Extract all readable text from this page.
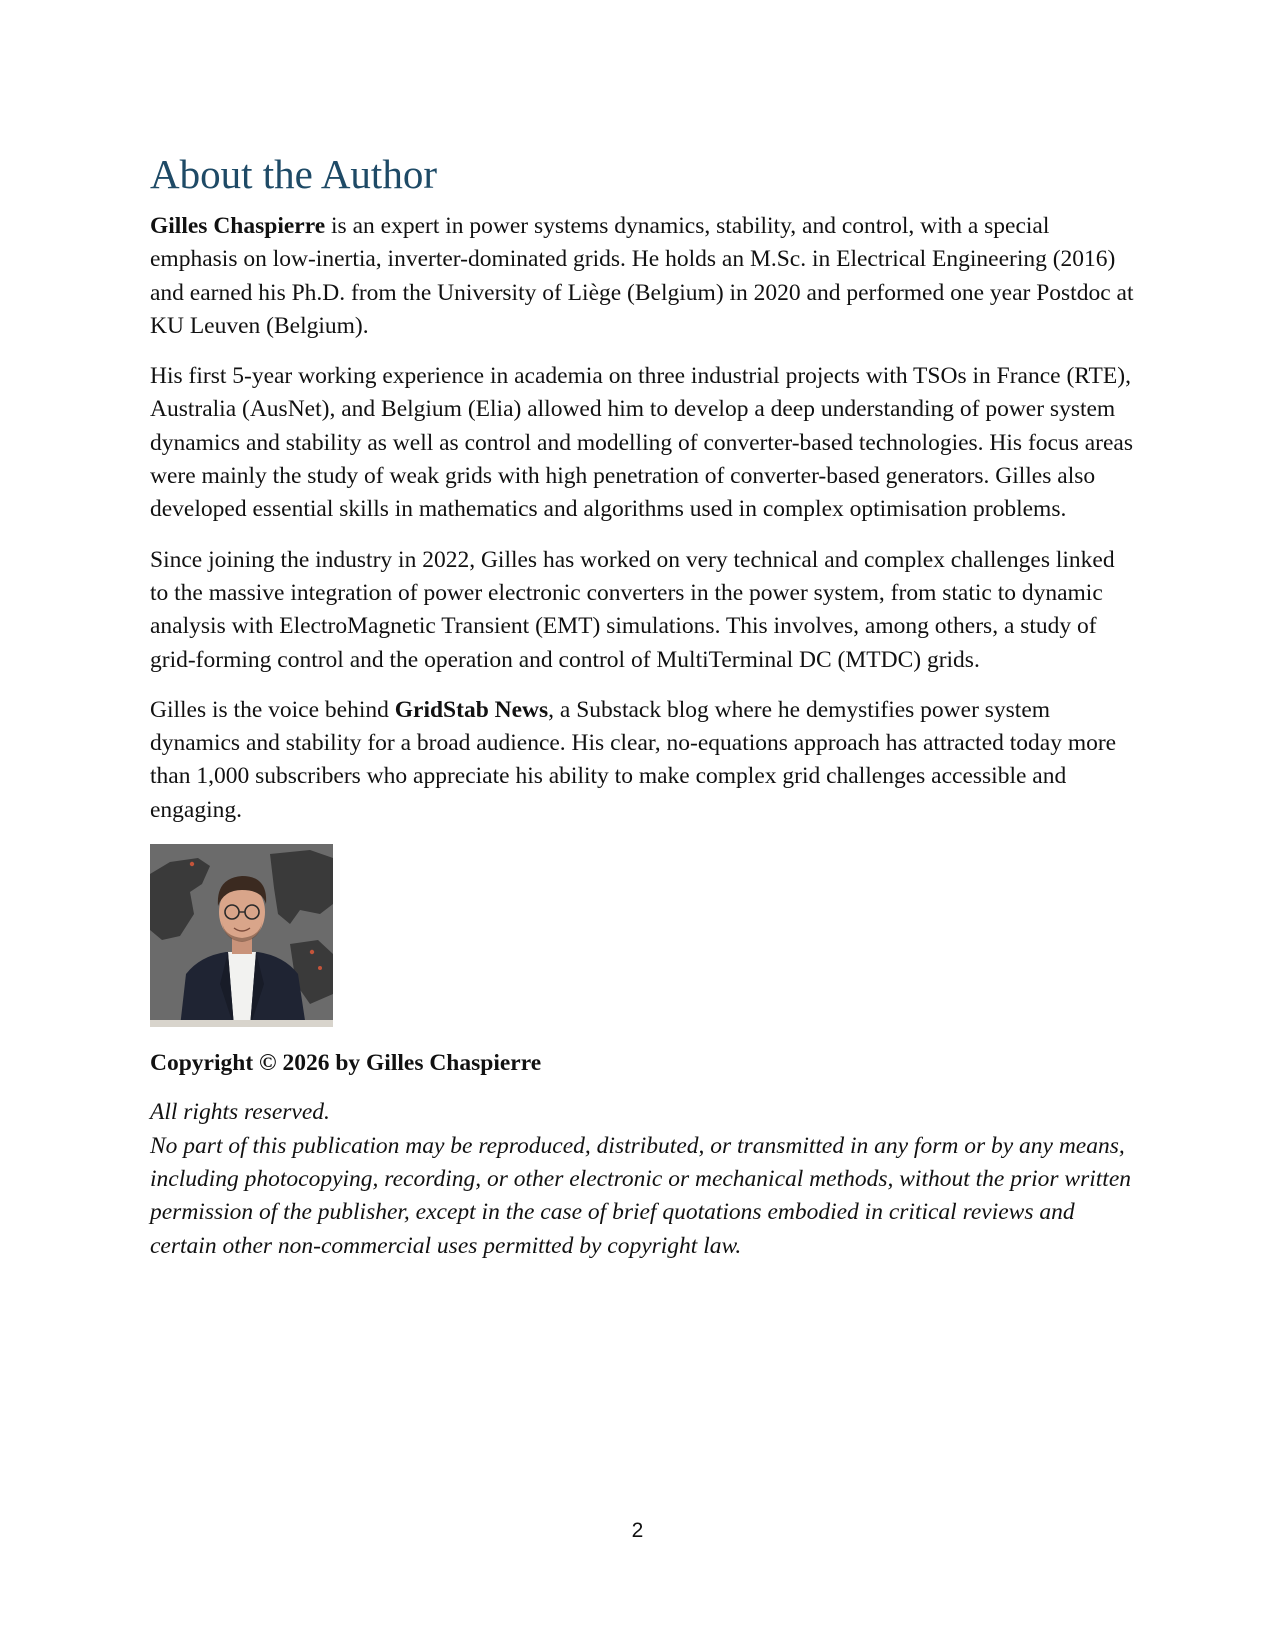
About the Author

Gilles Chaspierre is an expert in power systems dynamics, stability, and control, with a special emphasis on low-inertia, inverter-dominated grids. He holds an M.Sc. in Electrical Engineering (2016) and earned his Ph.D. from the University of Liège (Belgium) in 2020 and performed one year Postdoc at KU Leuven (Belgium).

His first 5-year working experience in academia on three industrial projects with TSOs in France (RTE), Australia (AusNet), and Belgium (Elia) allowed him to develop a deep understanding of power system dynamics and stability as well as control and modelling of converter-based technologies. His focus areas were mainly the study of weak grids with high penetration of converter-based generators. Gilles also developed essential skills in mathematics and algorithms used in complex optimisation problems.

Since joining the industry in 2022, Gilles has worked on very technical and complex challenges linked to the massive integration of power electronic converters in the power system, from static to dynamic analysis with ElectroMagnetic Transient (EMT) simulations. This involves, among others, a study of grid-forming control and the operation and control of MultiTerminal DC (MTDC) grids.

Gilles is the voice behind GridStab News, a Substack blog where he demystifies power system dynamics and stability for a broad audience. His clear, no-equations approach has attracted today more than 1,000 subscribers who appreciate his ability to make complex grid challenges accessible and engaging.

Copyright © 2026 by Gilles Chaspierre

All rights reserved.
No part of this publication may be reproduced, distributed, or transmitted in any form or by any means, including photocopying, recording, or other electronic or mechanical methods, without the prior written permission of the publisher, except in the case of brief quotations embodied in critical reviews and certain other non-commercial uses permitted by copyright law.

2
